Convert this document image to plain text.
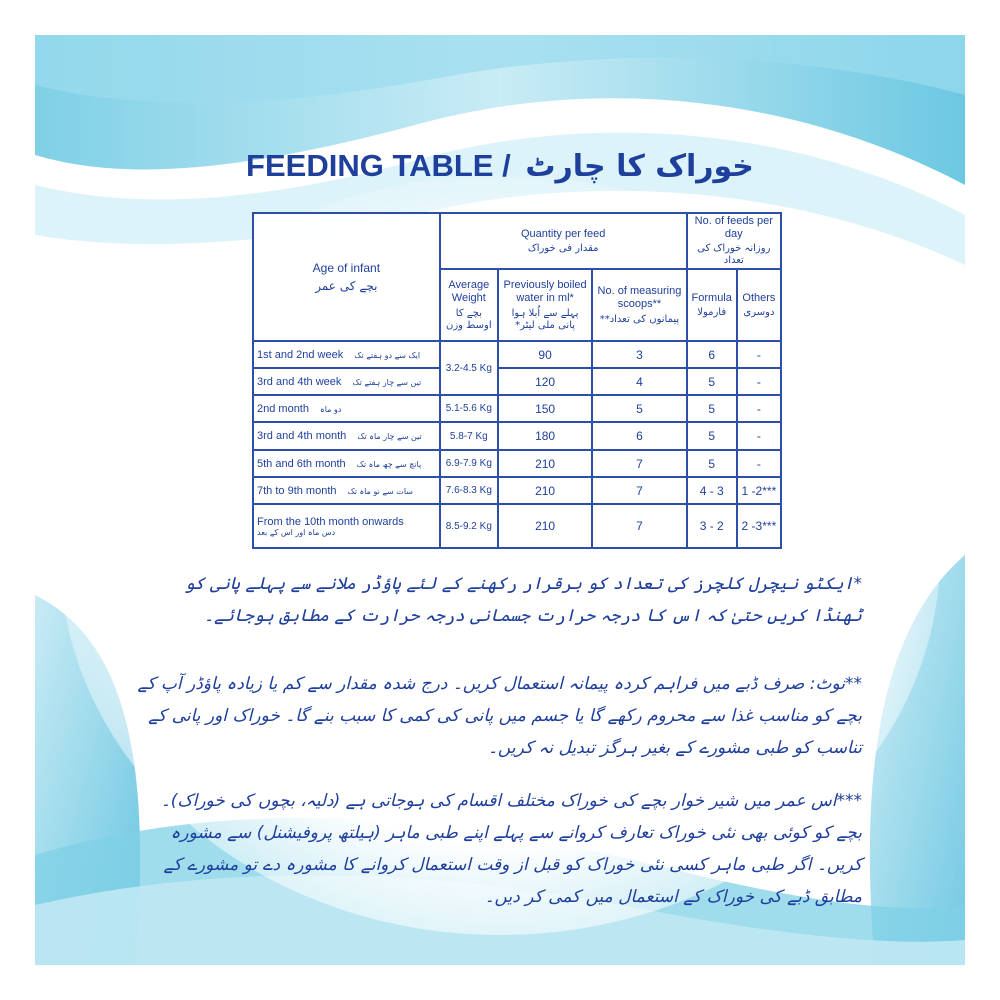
FEEDING TABLE / خوراک کا چارٹ
Age of infant
بچے کی عمر	Quantity per feed
مقدار فی خوراک			No. of feeds per day
روزانہ خوراک کی تعداد	

	Average Weight
بچے کا اوسط وزن	Previously boiled water in ml*
پہلے سے اُبلا ہوا پانی ملی لیٹر*	No. of measuring scoops**
پیمانوں کی تعداد**	Formula
فارمولا	Others
دوسری

1st and 2nd week ایک سے دو ہفتے تک	3.2-4.5 Kg	90	3	6	-
3rd and 4th week تین سے چار ہفتے تک		120	4	5	-
2nd month دو ماہ	5.1-5.6 Kg	150	5	5	-
3rd and 4th month تین سے چار ماہ تک	5.8-7 Kg	180	6	5	-
5th and 6th month پانچ سے چھ ماہ تک	6.9-7.9 Kg	210	7	5	-
7th to 9th month سات سے نو ماہ تک	7.6-8.3 Kg	210	7	4 - 3	1 -2***
From the 10th month onwards
دس ماہ اور اس کے بعد	8.5-9.2 Kg	210	7	3 - 2	2 -3***

*ایکٹو نیچرل کلچرز کی تعداد کو برقرار رکھنے کے لئے پاؤڈر ملانے سے پہلے پانی کو ٹھنڈا کریں حتیٰ کہ اس کا درجہ حرارت جسمانی درجہ حرارت کے مطابق ہوجائے۔

**نوٹ: صرف ڈبے میں فراہم کردہ پیمانہ استعمال کریں۔ درج شدہ مقدار سے کم یا زیادہ پاؤڈر آپ کے بچے کو مناسب غذا سے محروم رکھے گا یا جسم میں پانی کی کمی کا سبب بنے گا۔ خوراک اور پانی کے تناسب کو طبی مشورے کے بغیر ہرگز تبدیل نہ کریں۔

***اس عمر میں شیر خوار بچے کی خوراک مختلف اقسام کی ہوجاتی ہے (دلیہ، بچوں کی خوراک)۔ بچے کو کوئی بھی نئی خوراک تعارف کروانے سے پہلے اپنے طبی ماہر (ہیلتھ پروفیشنل) سے مشورہ کریں۔ اگر طبی ماہر کسی نئی خوراک کو قبل از وقت استعمال کروانے کا مشورہ دے تو مشورے کے مطابق ڈبے کی خوراک کے استعمال میں کمی کر دیں۔
